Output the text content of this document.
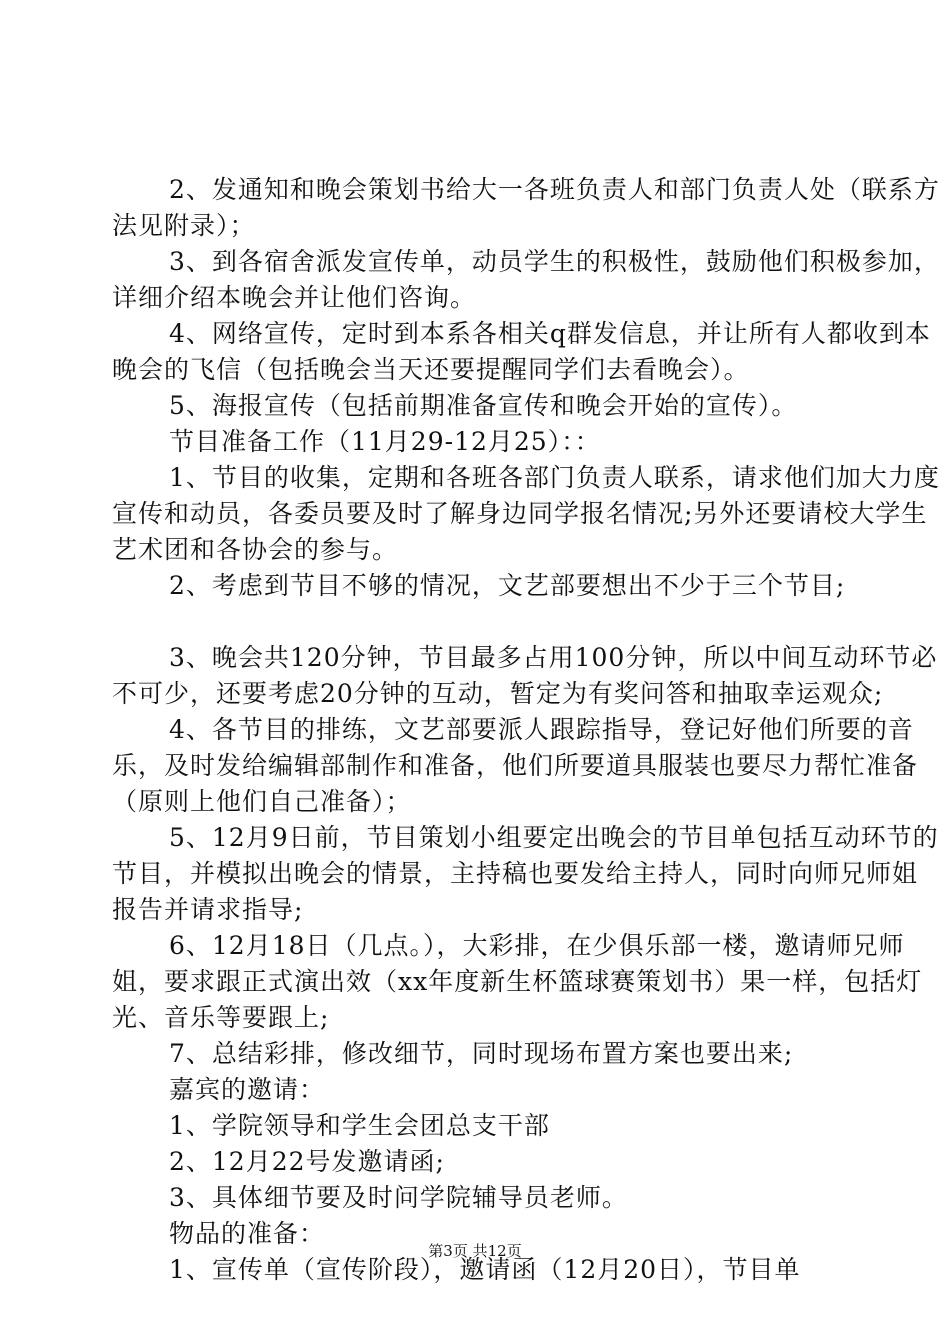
2、发通知和晚会策划书给大一各班负责人和部门负责人处（联系方法见附录）；

3、到各宿舍派发宣传单，动员学生的积极性，鼓励他们积极参加，详细介绍本晚会并让他们咨询。

4、网络宣传，定时到本系各相关q群发信息，并让所有人都收到本晚会的飞信（包括晚会当天还要提醒同学们去看晚会）。

5、海报宣传（包括前期准备宣传和晚会开始的宣传）。

节目准备工作（11月29-12月25）：：

1、节目的收集，定期和各班各部门负责人联系，请求他们加大力度宣传和动员，各委员要及时了解身边同学报名情况;另外还要请校大学生艺术团和各协会的参与。

2、考虑到节目不够的情况，文艺部要想出不少于三个节目;

3、晚会共120分钟，节目最多占用100分钟，所以中间互动环节必不可少，还要考虑20分钟的互动，暂定为有奖问答和抽取幸运观众;

4、各节目的排练，文艺部要派人跟踪指导，登记好他们所要的音乐，及时发给编辑部制作和准备，他们所要道具服装也要尽力帮忙准备（原则上他们自己准备）；

5、12月9日前，节目策划小组要定出晚会的节目单包括互动环节的节目，并模拟出晚会的情景，主持稿也要发给主持人，同时向师兄师姐报告并请求指导;

6、12月18日（几点。），大彩排，在少俱乐部一楼，邀请师兄师姐，要求跟正式演出效（xx年度新生杯篮球赛策划书）果一样，包括灯光、音乐等要跟上;

7、总结彩排，修改细节，同时现场布置方案也要出来;

嘉宾的邀请：

1、学院领导和学生会团总支干部

2、12月22号发邀请函;

3、具体细节要及时问学院辅导员老师。

物品的准备：

1、宣传单（宣传阶段），邀请函（12月20日），节目单

第3页 共12页
